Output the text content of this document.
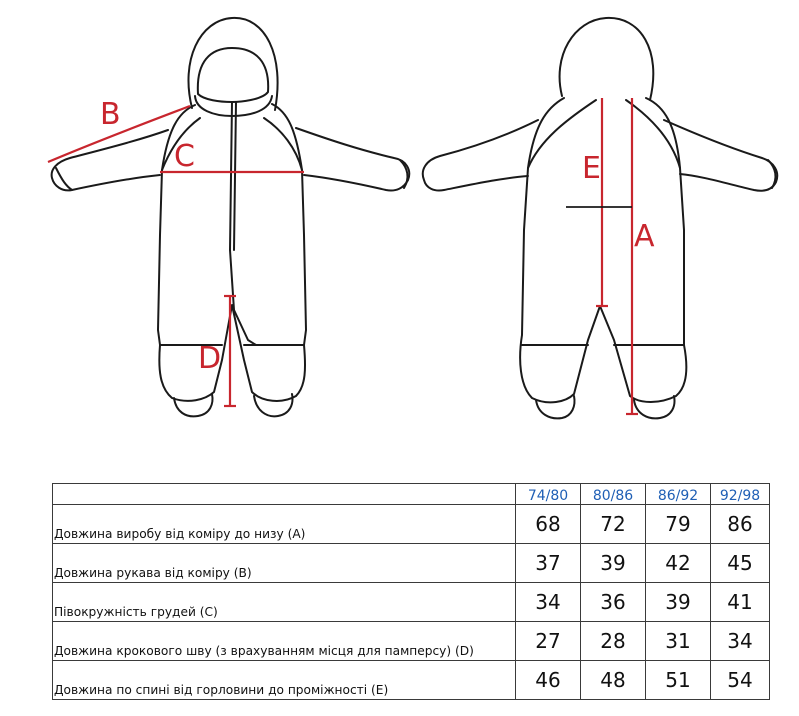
B
C
D
E
A
	74/80	80/86	86/92	92/98
Довжина виробу від коміру до низу (А)	68	72	79	86
Довжина рукава від коміру (В)	37	39	42	45
Півокружність грудей (С)	34	36	39	41
Довжина крокового шву (з врахуванням місця для памперсу) (D)	27	28	31	34
Довжина по спині від горловини до проміжності (Е)	46	48	51	54
